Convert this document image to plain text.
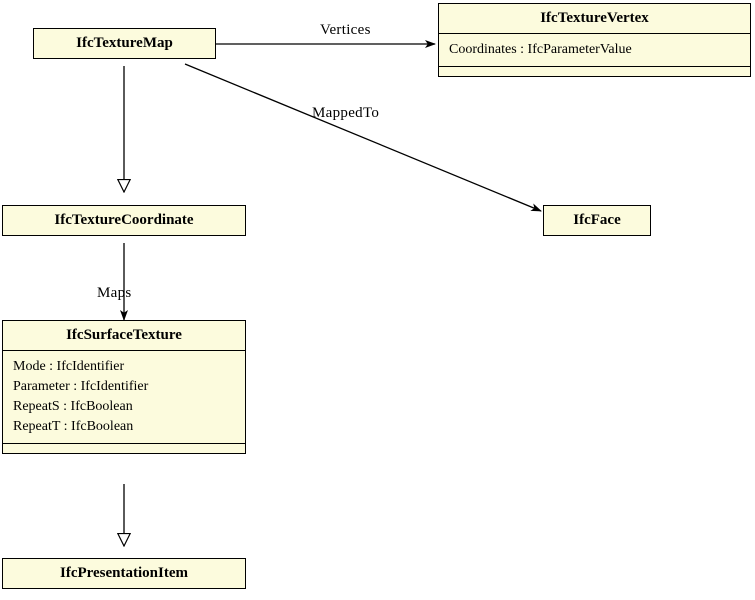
IfcTextureMap
IfcTextureVertex
Coordinates : IfcParameterValue
IfcTextureCoordinate	IfcFace
IfcSurfaceTexture
Mode : IfcIdentifier
Parameter : IfcIdentifier
RepeatS : IfcBoolean
RepeatT : IfcBoolean
IfcPresentationItem
Vertices
MappedTo
Maps
